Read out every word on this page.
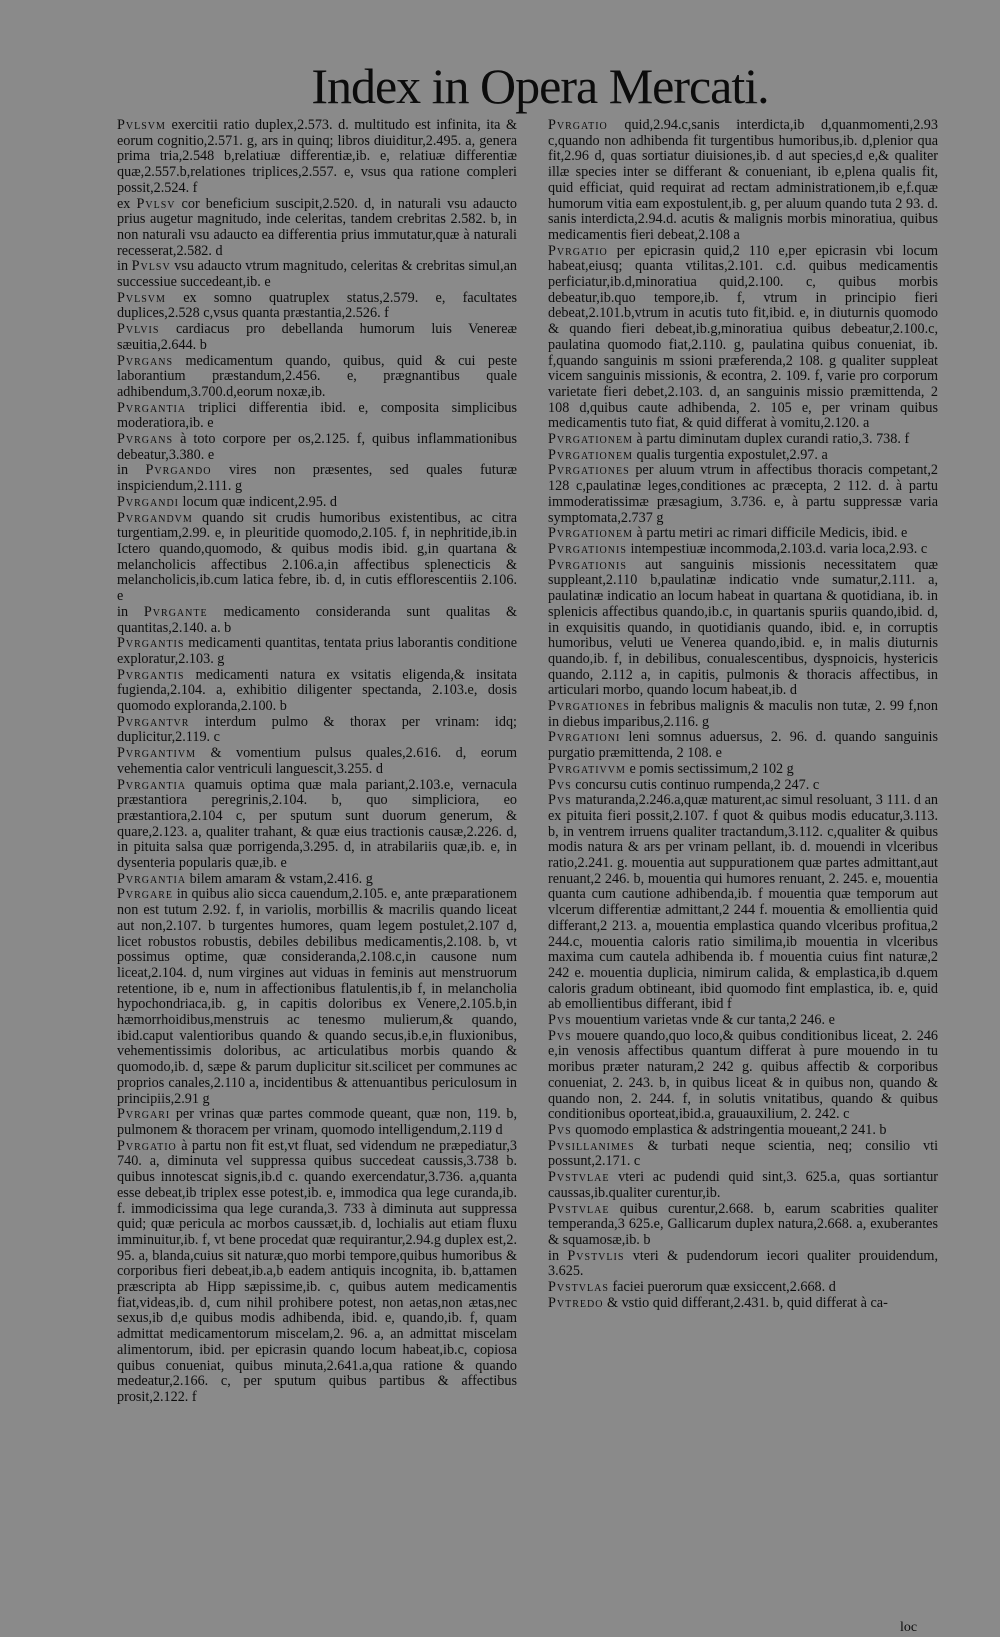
Index in Opera Mercati.

Pvlsvm exercitii ratio duplex,2.573. d. multitudo est infinita, ita & eorum cognitio,2.571. g, ars in quinq; libros diuiditur,2.495. a, genera prima tria,2.548 b,relatiuæ differentiæ,ib. e, relatiuæ differentiæ quæ,2.557.b,relationes triplices,2.557. e, vsus qua ratione compleri possit,2.524. f

ex Pvlsv cor beneficium suscipit,2.520. d, in naturali vsu adaucto prius augetur magnitudo, inde celeritas, tandem crebritas 2.582. b, in non naturali vsu adaucto ea differentia prius immutatur,quæ à naturali recesserat,2.582. d

in Pvlsv vsu adaucto vtrum magnitudo, celeritas & crebritas simul,an successiue succedeant,ib. e

Pvlsvm ex somno quatruplex status,2.579. e, facultates duplices,2.528 c,vsus quanta præstantia,2.526. f

Pvlvis cardiacus pro debellanda humorum luis Venereæ sæuitia,2.644. b

Pvrgans medicamentum quando, quibus, quid & cui peste laborantium præstandum,2.456. e, prægnantibus quale adhibendum,3.700.d,eorum noxæ,ib.

Pvrgantia triplici differentia ibid. e, composita simplicibus moderatiora,ib. e

Pvrgans à toto corpore per os,2.125. f, quibus inflammationibus debeatur,3.380. e

in Pvrgando vires non præsentes, sed quales futuræ inspiciendum,2.111. g

Pvrgandi locum quæ indicent,2.95. d

Pvrgandvm quando sit crudis humoribus existentibus, ac citra turgentiam,2.99. e, in pleuritide quomodo,2.105. f, in nephritide,ib.in Ictero quando,quomodo, & quibus modis ibid. g,in quartana & melancholicis affectibus 2.106.a,in affectibus splenecticis & melancholicis,ib.cum latica febre, ib. d, in cutis efflorescentiis 2.106. e

in Pvrgante medicamento consideranda sunt qualitas & quantitas,2.140. a. b

Pvrgantis medicamenti quantitas, tentata prius laborantis conditione exploratur,2.103. g

Pvrgantis medicamenti natura ex vsitatis eligenda,& insitata fugienda,2.104. a, exhibitio diligenter spectanda, 2.103.e, dosis quomodo exploranda,2.100. b

Pvrgantvr interdum pulmo & thorax per vrinam: idq; duplicitur,2.119. c

Pvrgantivm & vomentium pulsus quales,2.616. d, eorum vehementia calor ventriculi languescit,3.255. d

Pvrgantia quamuis optima quæ mala pariant,2.103.e, vernacula præstantiora peregrinis,2.104. b, quo simpliciora, eo præstantiora,2.104 c, per sputum sunt duorum generum, & quare,2.123. a, qualiter trahant, & quæ eius tractionis causæ,2.226. d, in pituita salsa quæ porrigenda,3.295. d, in atrabilariis quæ,ib. e, in dysenteria popularis quæ,ib. e

Pvrgantia bilem amaram & vstam,2.416. g

Pvrgare in quibus alio sicca cauendum,2.105. e, ante præparationem non est tutum 2.92. f, in variolis, morbillis & macrilis quando liceat aut non,2.107. b turgentes humores, quam legem postulet,2.107 d, licet robustos robustis, debiles debilibus medicamentis,2.108. b, vt possimus optime, quæ consideranda,2.108.c,in causone num liceat,2.104. d, num virgines aut viduas in feminis aut menstruorum retentione, ib e, num in affectionibus flatulentis,ib f, in melancholia hypochondriaca,ib. g, in capitis doloribus ex Venere,2.105.b,in hæmorrhoidibus,menstruis ac tenesmo mulierum,& quando, ibid.caput valentioribus quando & quando secus,ib.e,in fluxionibus, vehementissimis doloribus, ac articulatibus morbis quando & quomodo,ib. d, sæpe & parum duplicitur sit.scilicet per communes ac proprios canales,2.110 a, incidentibus & attenuantibus periculosum in principiis,2.91 g

Pvrgari per vrinas quæ partes commode queant, quæ non, 119. b, pulmonem & thoracem per vrinam, quomodo intelligendum,2.119 d

Pvrgatio à partu non fit est,vt fluat, sed videndum ne præpediatur,3 740. a, diminuta vel suppressa quibus succedeat caussis,3.738 b. quibus innotescat signis,ib.d c. quando exercendatur,3.736. a,quanta esse debeat,ib triplex esse potest,ib. e, immodica qua lege curanda,ib. f. immodicissima qua lege curanda,3. 733 à diminuta aut suppressa quid; quæ pericula ac morbos caussæt,ib. d, lochialis aut etiam fluxu imminuitur,ib. f, vt bene procedat quæ requirantur,2.94.g duplex est,2. 95. a, blanda,cuius sit naturæ,quo morbi tempore,quibus humoribus & corporibus fieri debeat,ib.a,b eadem antiquis incognita, ib. b,attamen præscripta ab Hipp sæpissime,ib. c, quibus autem medicamentis fiat,videas,ib. d, cum nihil prohibere potest, non aetas,non ætas,nec sexus,ib d,e quibus modis adhibenda, ibid. e, quando,ib. f, quam admittat medicamentorum miscelam,2. 96. a, an admittat miscelam alimentorum, ibid. per epicrasin quando locum habeat,ib.c, copiosa quibus conueniat, quibus minuta,2.641.a,qua ratione & quando medeatur,2.166. c, per sputum quibus partibus & affectibus prosit,2.122. f

Pvrgatio quid,2.94.c,sanis interdicta,ib d,quanmomenti,2.93 c,quando non adhibenda fit turgentibus humoribus,ib. d,plenior qua fit,2.96 d, quas sortiatur diuisiones,ib. d aut species,d e,& qualiter illæ species inter se differant & conueniant, ib e,plena qualis fit, quid efficiat, quid requirat ad rectam administrationem,ib e,f.quæ humorum vitia eam expostulent,ib. g, per aluum quando tuta 2 93. d. sanis interdicta,2.94.d. acutis & malignis morbis minoratiua, quibus medicamentis fieri debeat,2.108 a

Pvrgatio per epicrasin quid,2 110 e,per epicrasin vbi locum habeat,eiusq; quanta vtilitas,2.101. c.d. quibus medicamentis perficiatur,ib.d,minoratiua quid,2.100. c, quibus morbis debeatur,ib.quo tempore,ib. f, vtrum in principio fieri debeat,2.101.b,vtrum in acutis tuto fit,ibid. e, in diuturnis quomodo & quando fieri debeat,ib.g,minoratiua quibus debeatur,2.100.c, paulatina quomodo fiat,2.110. g, paulatina quibus conueniat, ib. f,quando sanguinis m ssioni præferenda,2 108. g qualiter suppleat vicem sanguinis missionis, & econtra, 2. 109. f, varie pro corporum varietate fieri debet,2.103. d, an sanguinis missio præmittenda, 2 108 d,quibus caute adhibenda, 2. 105 e, per vrinam quibus medicamentis tuto fiat, & quid differat à vomitu,2.120. a

Pvrgationem à partu diminutam duplex curandi ratio,3. 738. f

Pvrgationem qualis turgentia expostulet,2.97. a

Pvrgationes per aluum vtrum in affectibus thoracis competant,2 128 c,paulatinæ leges,conditiones ac præcepta, 2 112. d. à partu immoderatissimæ præsagium, 3.736. e, à partu suppressæ varia symptomata,2.737 g

Pvrgationem à partu metiri ac rimari difficile Medicis, ibid. e

Pvrgationis intempestiuæ incommoda,2.103.d. varia loca,2.93. c

Pvrgationis aut sanguinis missionis necessitatem quæ suppleant,2.110 b,paulatinæ indicatio vnde sumatur,2.111. a, paulatinæ indicatio an locum habeat in quartana & quotidiana, ib. in splenicis affectibus quando,ib.c, in quartanis spuriis quando,ibid. d, in exquisitis quando, in quotidianis quando, ibid. e, in corruptis humoribus, veluti ue Venerea quando,ibid. e, in malis diuturnis quando,ib. f, in debilibus, conualescentibus, dyspnoicis, hystericis quando, 2.112 a, in capitis, pulmonis & thoracis affectibus, in articulari morbo, quando locum habeat,ib. d

Pvrgationes in febribus malignis & maculis non tutæ, 2. 99 f,non in diebus imparibus,2.116. g

Pvrgationi leni somnus aduersus, 2. 96. d. quando sanguinis purgatio præmittenda, 2 108. e

Pvrgativvm e pomis sectissimum,2 102 g

Pvs concursu cutis continuo rumpenda,2 247. c

Pvs maturanda,2.246.a,quæ maturent,ac simul resoluant, 3 111. d an ex pituita fieri possit,2.107. f quot & quibus modis educatur,3.113. b, in ventrem irruens qualiter tractandum,3.112. c,qualiter & quibus modis natura & ars per vrinam pellant, ib. d. mouendi in vlceribus ratio,2.241. g. mouentia aut suppurationem quæ partes admittant,aut renuant,2 246. b, mouentia qui humores renuant, 2. 245. e, mouentia quanta cum cautione adhibenda,ib. f mouentia quæ temporum aut vlcerum differentiæ admittant,2 244 f. mouentia & emollientia quid differant,2 213. a, mouentia emplastica quando vlceribus profitua,2 244.c, mouentia caloris ratio similima,ib mouentia in vlceribus maxima cum cautela adhibenda ib. f mouentia cuius fint naturæ,2 242 e. mouentia duplicia, nimirum calida, & emplastica,ib d.quem caloris gradum obtineant, ibid quomodo fint emplastica, ib. e, quid ab emollientibus differant, ibid f

Pvs mouentium varietas vnde & cur tanta,2 246. e

Pvs mouere quando,quo loco,& quibus conditionibus liceat, 2. 246 e,in venosis affectibus quantum differat à pure mouendo in tu moribus præter naturam,2 242 g. quibus affectib & corporibus conueniat, 2. 243. b, in quibus liceat & in quibus non, quando & quando non, 2. 244. f, in solutis vnitatibus, quando & quibus conditionibus oporteat,ibid.a, grauauxilium, 2. 242. c

Pvs quomodo emplastica & adstringentia moueant,2 241. b

Pvsillanimes & turbati neque scientia, neq; consilio vti possunt,2.171. c

Pvstvlae vteri ac pudendi quid sint,3. 625.a, quas sortiantur caussas,ib.qualiter curentur,ib.

Pvstvlae quibus curentur,2.668. b, earum scabrities qualiter temperanda,3 625.e, Gallicarum duplex natura,2.668. a, exuberantes & squamosæ,ib. b

in Pvstvlis vteri & pudendorum iecori qualiter prouidendum, 3.625.

Pvstvlas faciei puerorum quæ exsiccent,2.668. d

Pvtredo & vstio quid differant,2.431. b, quid differat à ca-

loc
